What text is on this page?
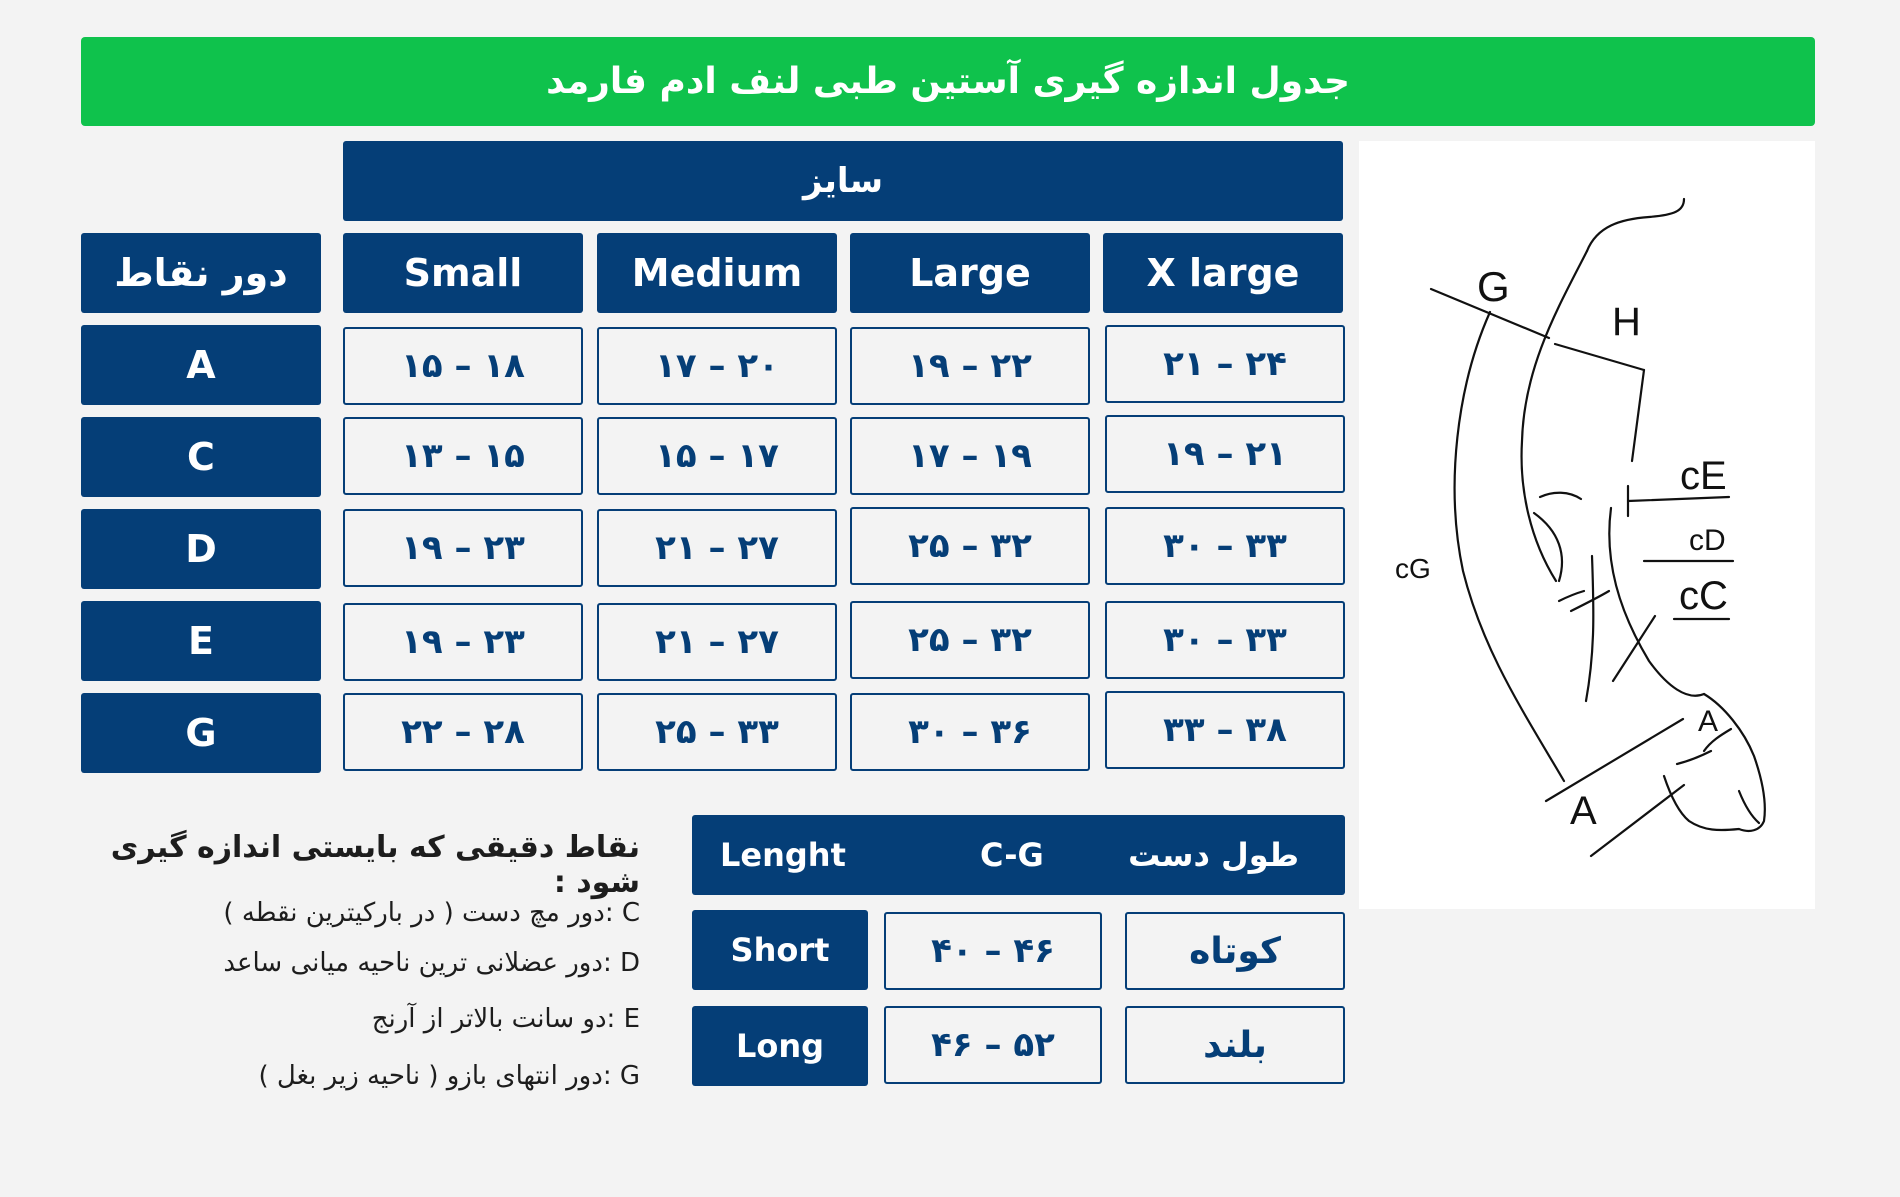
جدول اندازه گیری آستین طبی لنف ادم فارمد
سایز
دور نقاط	Small	Medium	Large	X large
A	۱۵ – ۱۸	۱۷ – ۲۰	۱۹ – ۲۲	۲۱ – ۲۴
C	۱۳ – ۱۵	۱۵ – ۱۷	۱۷ – ۱۹	۱۹ – ۲۱
D	۱۹ – ۲۳	۲۱ – ۲۷	۲۵ – ۳۲	۳۰ – ۳۳
E	۱۹ – ۲۳	۲۱ – ۲۷	۲۵ – ۳۲	۳۰ – ۳۳
G	۲۲ – ۲۸	۲۵ – ۳۳	۳۰ – ۳۶	۳۳ – ۳۸
نقاط دقیقی که بایستی اندازه گیری شود :
C :
دور مچ دست ( در بارکیترین نقطه )
D :
دور عضلانی ترین ناحیه میانی ساعد
E :
دو سانت بالاتر از آرنج
G :
دور انتهای بازو ( ناحیه زیر بغل )
Lenght	C-G	طول دست
Short	۴۰ – ۴۶	کوتاه
Long	۴۶ – ۵۲	بلند
G
H
cE
cD
cC
cG
A
A
